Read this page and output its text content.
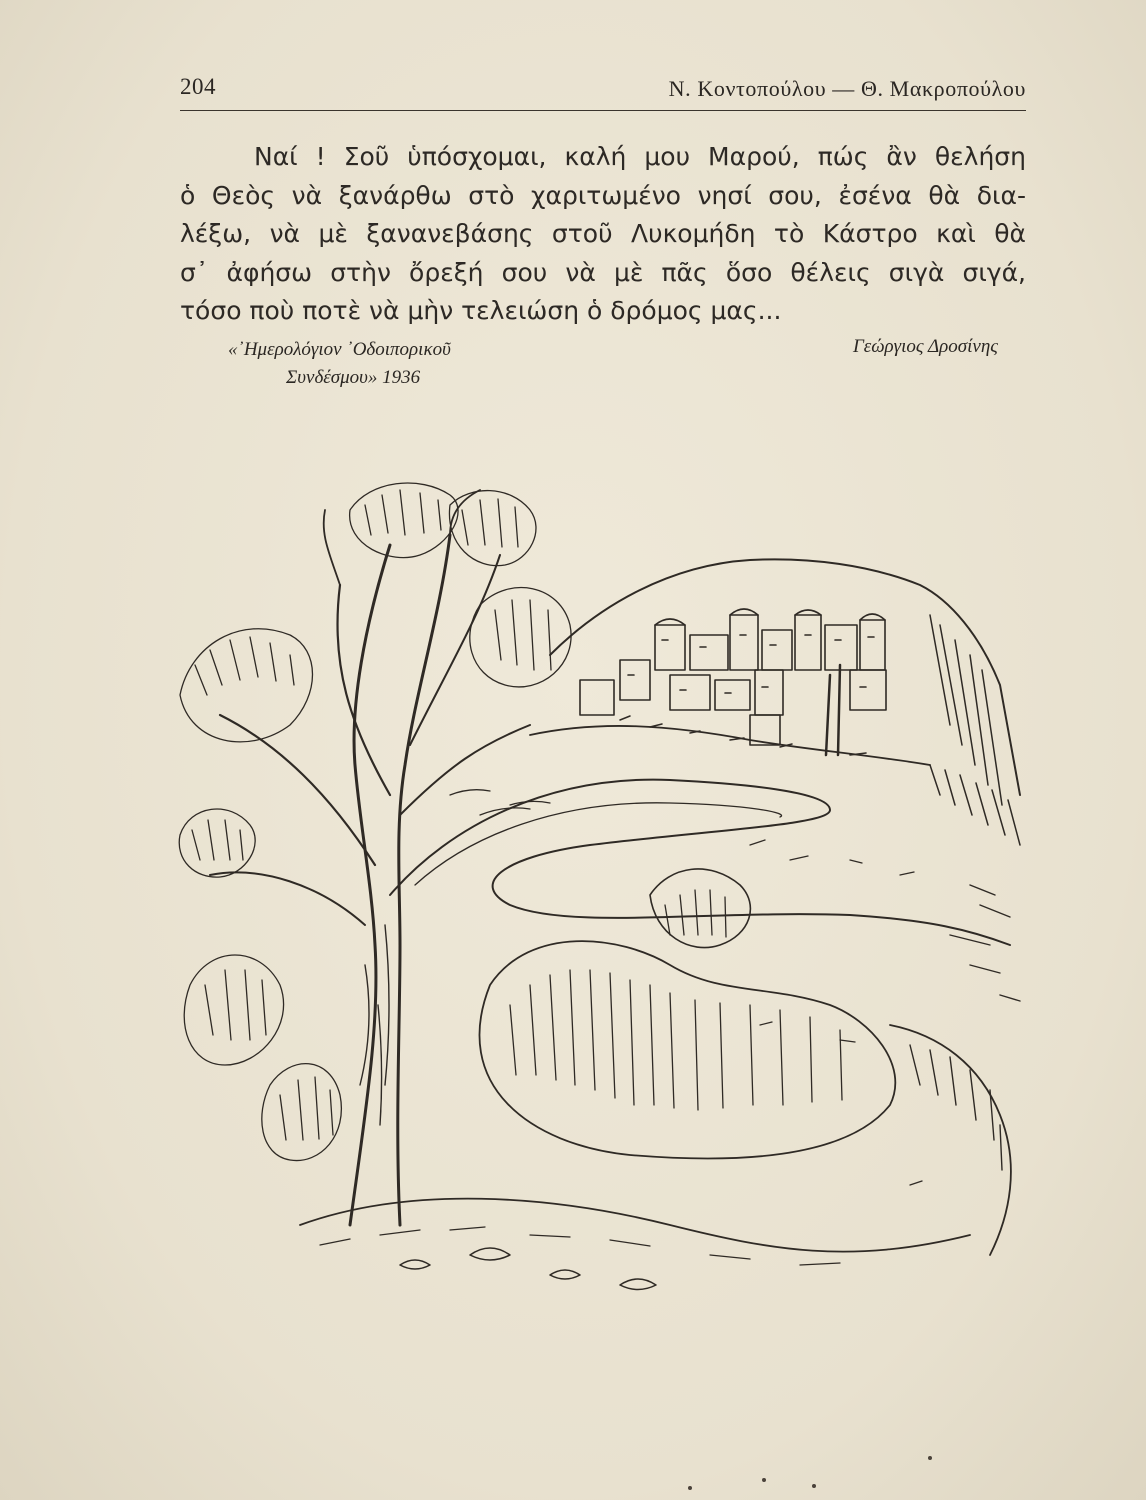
204	Ν. Κοντοπούλου — Θ. Μακροπούλου
Ναί ! Σοῦ ὑπόσχομαι, καλή μου Μαρού, πώς ἂν θελήση
ὁ Θεὸς νὰ ξανάρθω στὸ χαριτωμένο νησί σου, ἐσένα θὰ δια-
λέξω, νὰ μὲ ξανανεβάσης στοῦ Λυκομήδη τὸ Κάστρο καὶ θὰ
σ᾽ ἀφήσω στὴν ὄρεξή σου νὰ μὲ πᾶς ὅσο θέλεις σιγὰ σιγά,
τόσο ποὺ ποτὲ νὰ μὴν τελειώση ὁ δρόμος μας...
«᾿Ημερολόγιον ᾿Οδοιπορικοῦ
Συνδέσμου» 1936
Γεώργιος Δροσίνης
